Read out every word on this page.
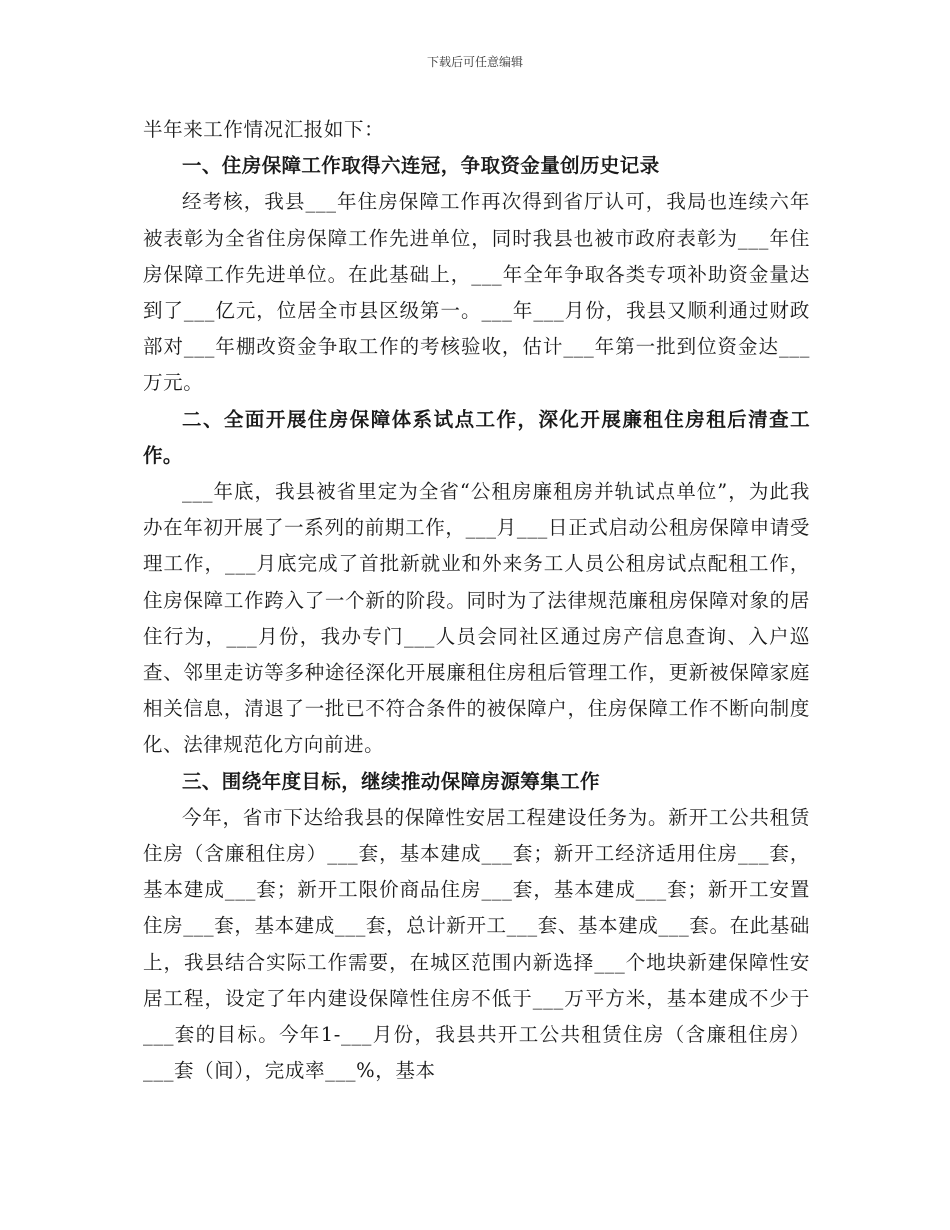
下载后可任意编辑

半年来工作情况汇报如下：

一、住房保障工作取得六连冠，争取资金量创历史记录

经考核，我县___年住房保障工作再次得到省厅认可，我局也连续六年被表彰为全省住房保障工作先进单位，同时我县也被市政府表彰为___年住房保障工作先进单位。在此基础上，___年全年争取各类专项补助资金量达到了___亿元，位居全市县区级第一。___年___月份，我县又顺利通过财政部对___年棚改资金争取工作的考核验收，估计___年第一批到位资金达___万元。

二、全面开展住房保障体系试点工作，深化开展廉租住房租后清查工作。

___年底，我县被省里定为全省“公租房廉租房并轨试点单位”，为此我办在年初开展了一系列的前期工作，___月___日正式启动公租房保障申请受理工作，___月底完成了首批新就业和外来务工人员公租房试点配租工作，住房保障工作跨入了一个新的阶段。同时为了法律规范廉租房保障对象的居住行为，___月份，我办专门___人员会同社区通过房产信息查询、入户巡查、邻里走访等多种途径深化开展廉租住房租后管理工作，更新被保障家庭相关信息，清退了一批已不符合条件的被保障户，住房保障工作不断向制度化、法律规范化方向前进。

三、围绕年度目标，继续推动保障房源筹集工作

今年，省市下达给我县的保障性安居工程建设任务为。新开工公共租赁住房（含廉租住房）___套，基本建成___套；新开工经济适用住房___套，基本建成___套；新开工限价商品住房___套，基本建成___套；新开工安置住房___套，基本建成___套，总计新开工___套、基本建成___套。在此基础上，我县结合实际工作需要，在城区范围内新选择___个地块新建保障性安居工程，设定了年内建设保障性住房不低于___万平方米，基本建成不少于___套的目标。今年1-___月份，我县共开工公共租赁住房（含廉租住房）___套（间），完成率___%，基本
